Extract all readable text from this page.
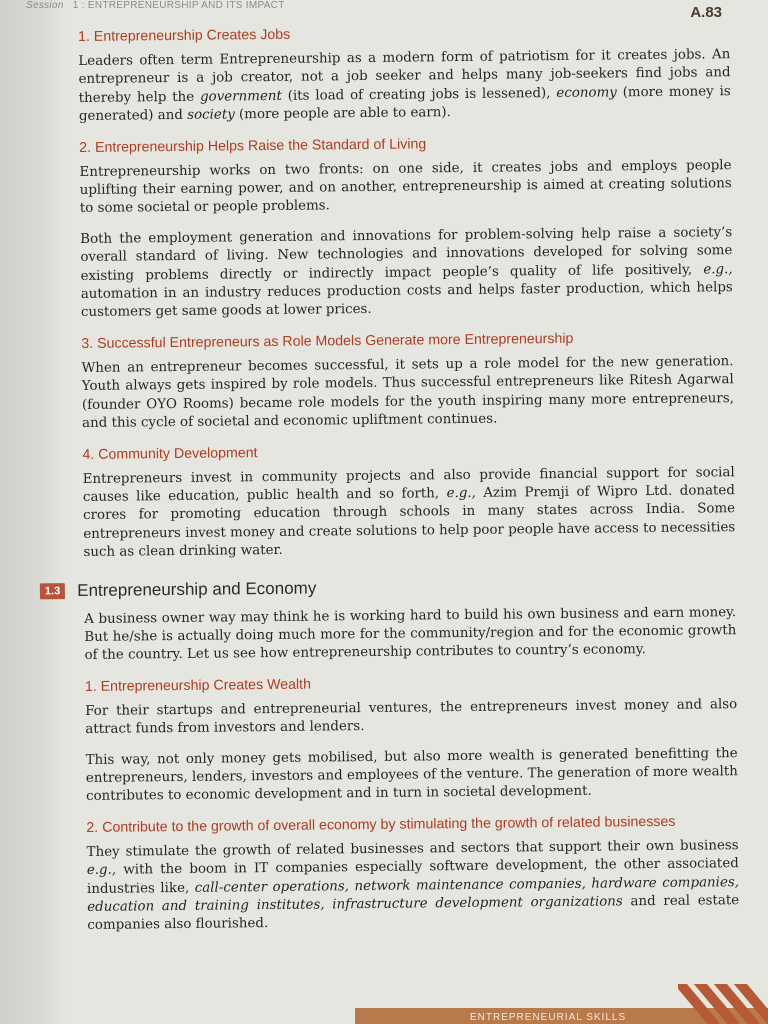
Session 1 : ENTREPRENEURSHIP AND ITS IMPACT	A.83
1. Entrepreneurship Creates Jobs

Leaders often term Entrepreneurship as a modern form of patriotism for it creates jobs. An entrepreneur is a job creator, not a job seeker and helps many job-seekers find jobs and thereby help the government (its load of creating jobs is lessened), economy (more money is generated) and society (more people are able to earn).

2. Entrepreneurship Helps Raise the Standard of Living

Entrepreneurship works on two fronts: on one side, it creates jobs and employs people uplifting their earning power, and on another, entrepreneurship is aimed at creating solutions to some societal or people problems.

Both the employment generation and innovations for problem-solving help raise a society’s overall standard of living. New technologies and innovations developed for solving some existing problems directly or indirectly impact people’s quality of life positively, e.g., automation in an industry reduces production costs and helps faster production, which helps customers get same goods at lower prices.

3. Successful Entrepreneurs as Role Models Generate more Entrepreneurship

When an entrepreneur becomes successful, it sets up a role model for the new generation. Youth always gets inspired by role models. Thus successful entrepreneurs like Ritesh Agarwal (founder OYO Rooms) became role models for the youth inspiring many more entrepreneurs, and this cycle of societal and economic upliftment continues.

4. Community Development

Entrepreneurs invest in community projects and also provide financial support for social causes like education, public health and so forth, e.g., Azim Premji of Wipro Ltd. donated crores for promoting education through schools in many states across India. Some entrepreneurs invest money and create solutions to help poor people have access to necessities such as clean drinking water.

1.3 Entrepreneurship and Economy

A business owner way may think he is working hard to build his own business and earn money. But he/she is actually doing much more for the community/region and for the economic growth of the country. Let us see how entrepreneurship contributes to country’s economy.

1. Entrepreneurship Creates Wealth

For their startups and entrepreneurial ventures, the entrepreneurs invest money and also attract funds from investors and lenders.

This way, not only money gets mobilised, but also more wealth is generated benefitting the entrepreneurs, lenders, investors and employees of the venture. The generation of more wealth contributes to economic development and in turn in societal development.

2. Contribute to the growth of overall economy by stimulating the growth of related businesses

They stimulate the growth of related businesses and sectors that support their own business e.g., with the boom in IT companies especially software development, the other associated industries like, call-center operations, network maintenance companies, hardware companies, education and training institutes, infrastructure development organizations and real estate companies also flourished.

ENTREPRENEURIAL SKILLS
